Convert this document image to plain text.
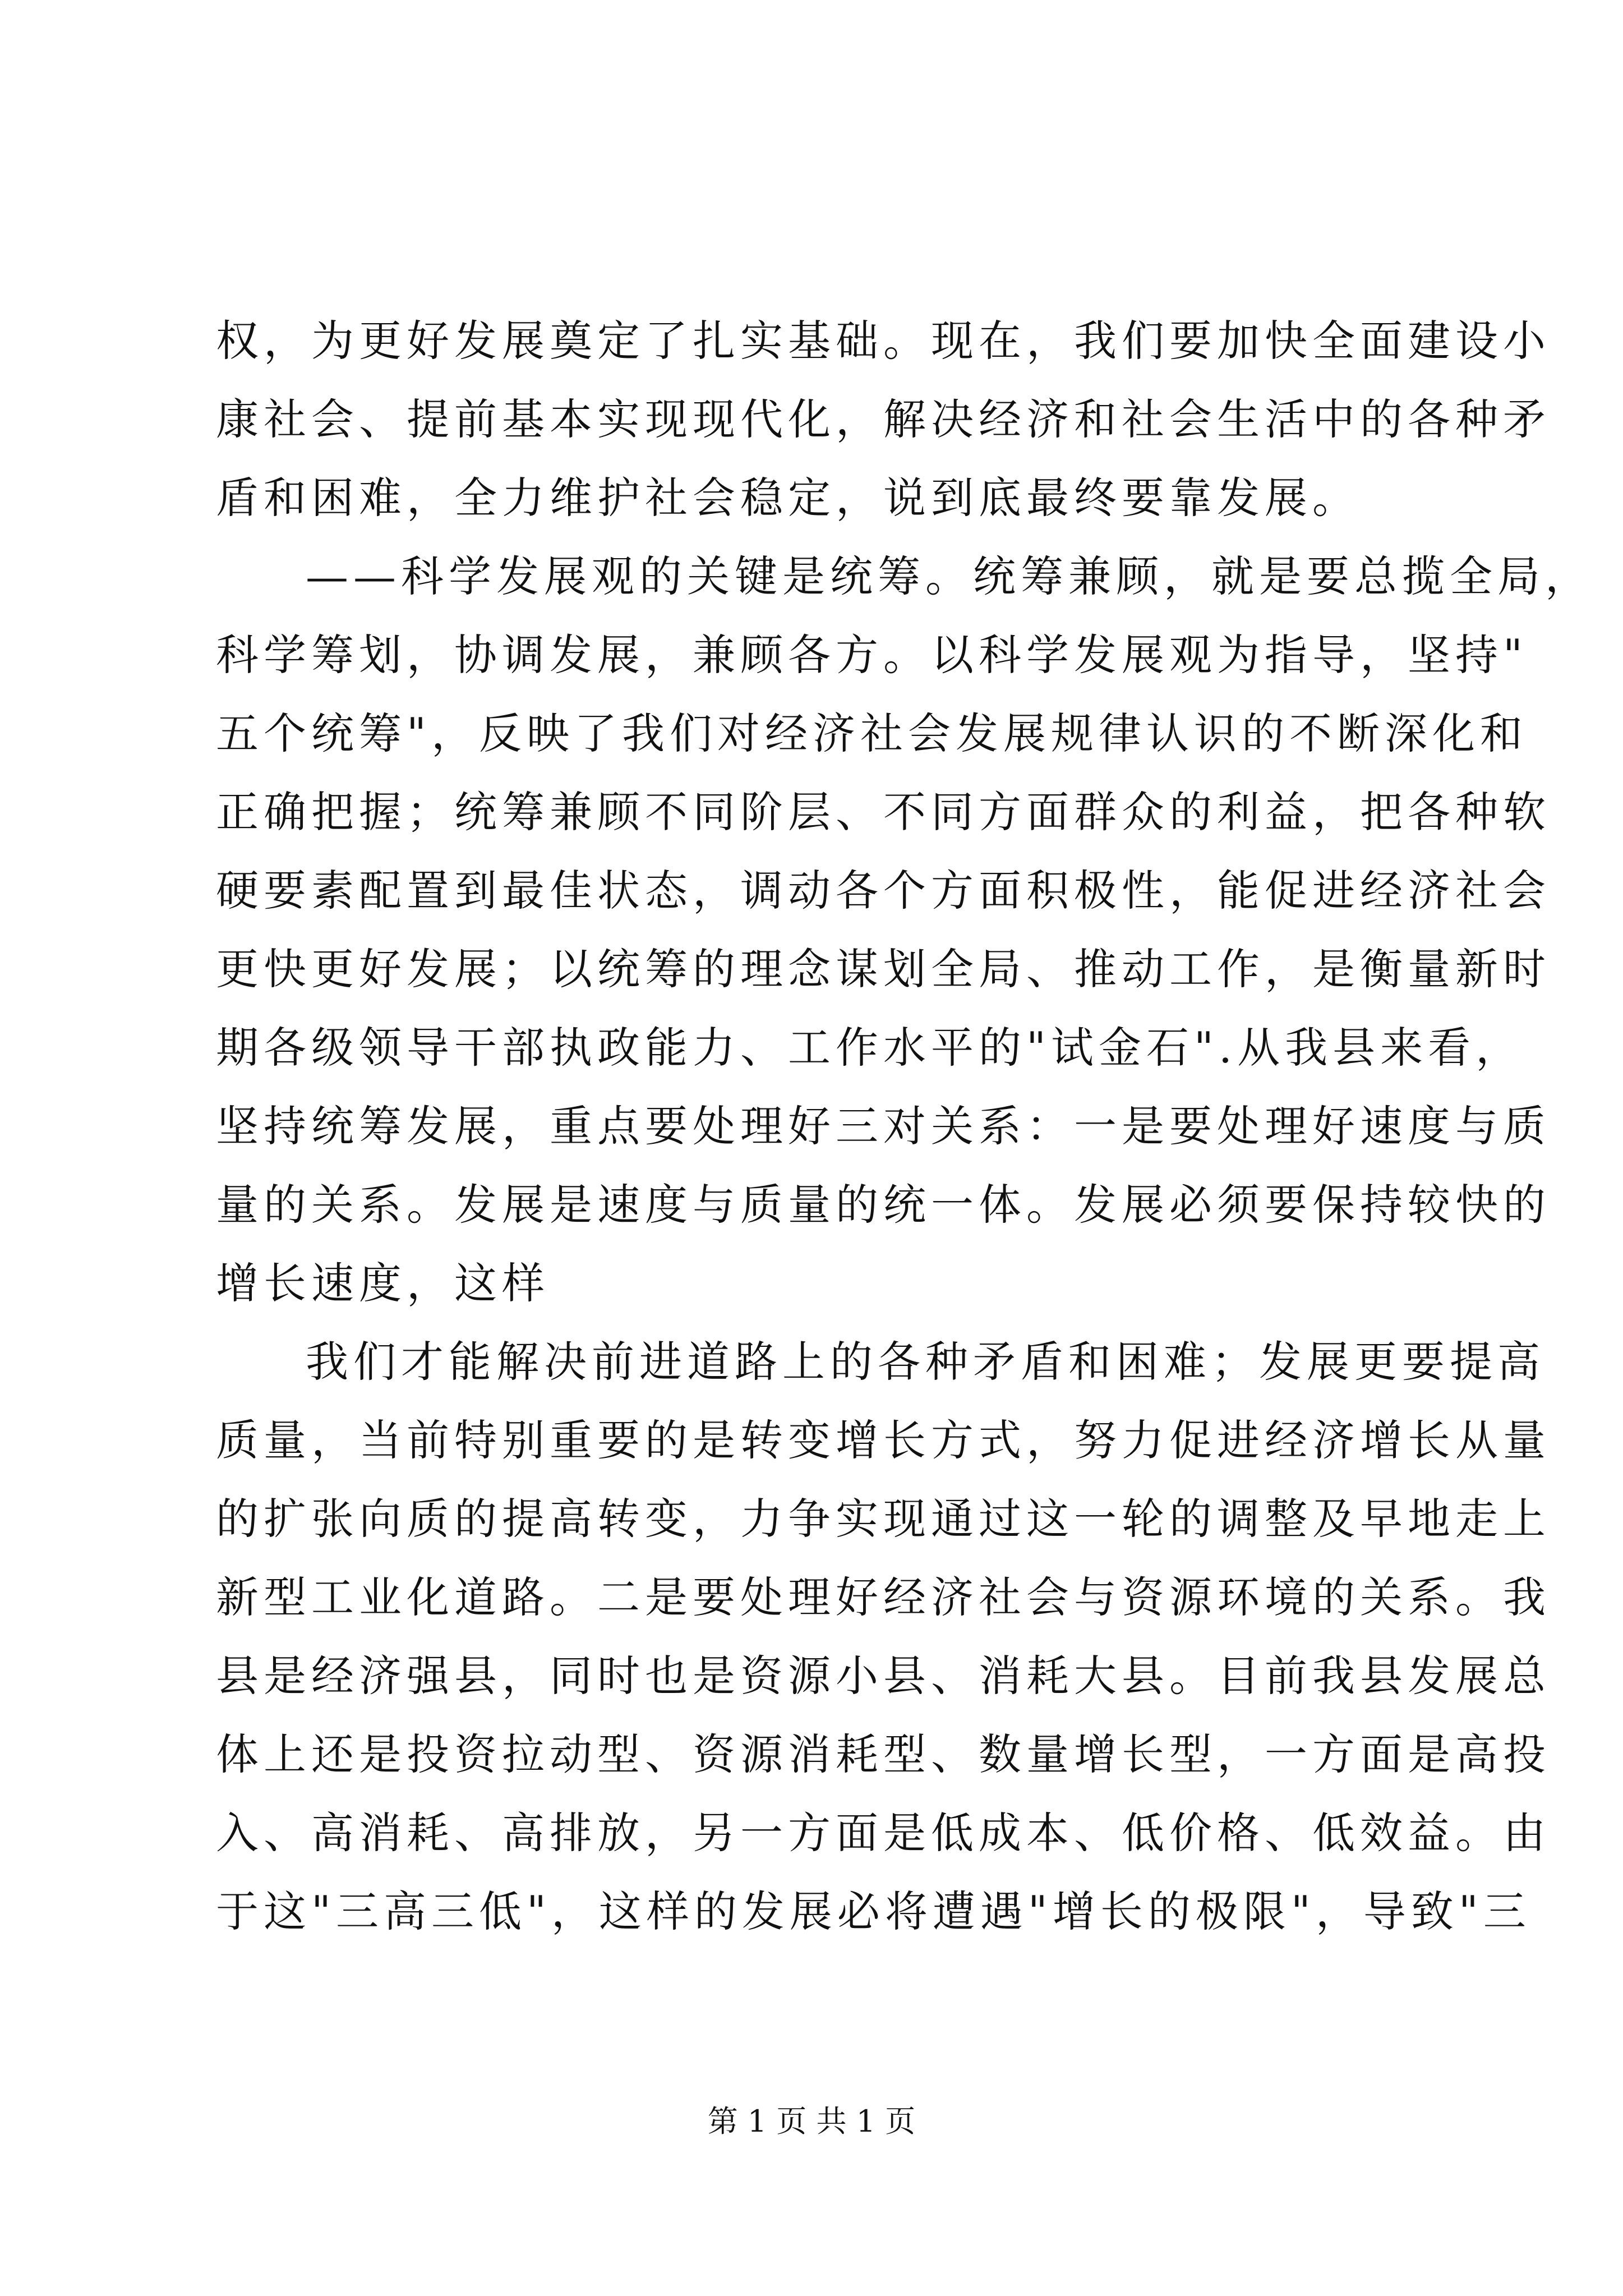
权，为更好发展奠定了扎实基础。现在，我们要加快全面建设小
康社会、提前基本实现现代化，解决经济和社会生活中的各种矛
盾和困难，全力维护社会稳定，说到底最终要靠发展。
——科学发展观的关键是统筹。统筹兼顾，就是要总揽全局，
科学筹划，协调发展，兼顾各方。以科学发展观为指导，坚持"
五个统筹"，反映了我们对经济社会发展规律认识的不断深化和
正确把握；统筹兼顾不同阶层、不同方面群众的利益，把各种软
硬要素配置到最佳状态，调动各个方面积极性，能促进经济社会
更快更好发展；以统筹的理念谋划全局、推动工作，是衡量新时
期各级领导干部执政能力、工作水平的"试金石".从我县来看，
坚持统筹发展，重点要处理好三对关系：一是要处理好速度与质
量的关系。发展是速度与质量的统一体。发展必须要保持较快的
增长速度，这样
我们才能解决前进道路上的各种矛盾和困难；发展更要提高
质量，当前特别重要的是转变增长方式，努力促进经济增长从量
的扩张向质的提高转变，力争实现通过这一轮的调整及早地走上
新型工业化道路。二是要处理好经济社会与资源环境的关系。我
县是经济强县，同时也是资源小县、消耗大县。目前我县发展总
体上还是投资拉动型、资源消耗型、数量增长型，一方面是高投
入、高消耗、高排放，另一方面是低成本、低价格、低效益。由
于这"三高三低"，这样的发展必将遭遇"增长的极限"，导致"三
第 1 页 共 1 页
